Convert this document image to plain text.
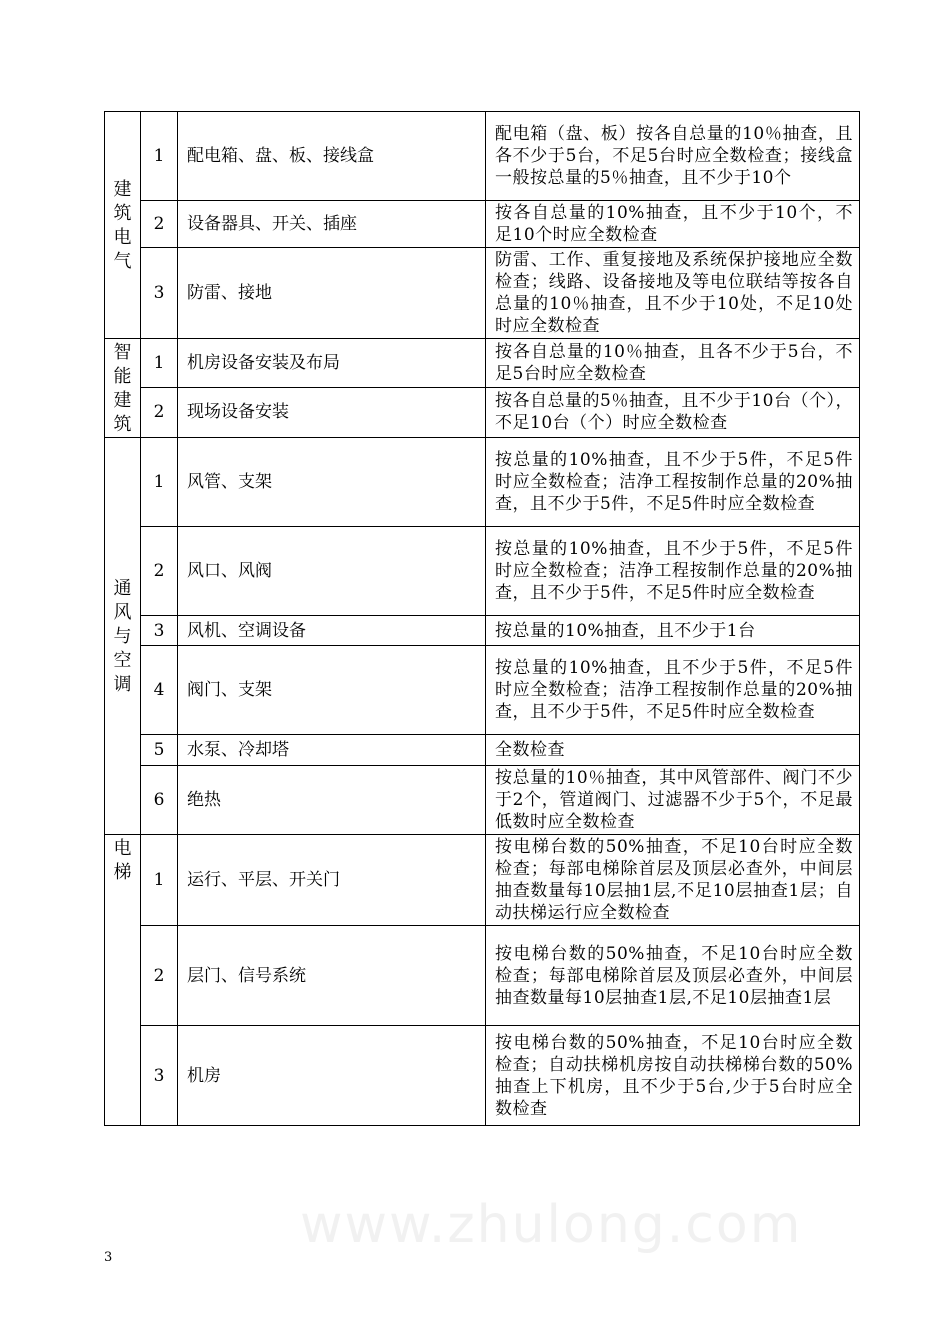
www.zhulong.com
建筑电气	1	配电箱、盘、板、接线盒	配电箱（盘、板）按各自总量的10％抽查，且各不少于5台，不足5台时应全数检查；接线盒一般按总量的5％抽查，且不少于10个
	2	设备器具、开关、插座	按各自总量的10%抽查，且不少于10个，不足10个时应全数检查
	3	防雷、接地	防雷、工作、重复接地及系统保护接地应全数检查；线路、设备接地及等电位联结等按各自总量的10％抽查，且不少于10处，不足10处时应全数检查

智能建筑	1	机房设备安装及布局	按各自总量的10％抽查，且各不少于5台，不足5台时应全数检查
	2	现场设备安装	按各自总量的5％抽查，且不少于10台（个），不足10台（个）时应全数检查

通风与空调	1	风管、支架	按总量的10%抽查，且不少于5件，不足5件时应全数检查；洁净工程按制作总量的20%抽查，且不少于5件，不足5件时应全数检查
	2	风口、风阀	按总量的10%抽查，且不少于5件，不足5件时应全数检查；洁净工程按制作总量的20%抽查，且不少于5件，不足5件时应全数检查
	3	风机、空调设备	按总量的10%抽查，且不少于1台
	4	阀门、支架	按总量的10%抽查，且不少于5件，不足5件时应全数检查；洁净工程按制作总量的20%抽查，且不少于5件，不足5件时应全数检查
	5	水泵、冷却塔	全数检查
	6	绝热	按总量的10％抽查，其中风管部件、阀门不少于2个，管道阀门、过滤器不少于5个，不足最低数时应全数检查

电梯	1	运行、平层、开关门	按电梯台数的50%抽查，不足10台时应全数检查；每部电梯除首层及顶层必查外，中间层抽查数量每10层抽1层,不足10层抽查1层；自动扶梯运行应全数检查
	2	层门、信号系统	按电梯台数的50%抽查，不足10台时应全数检查；每部电梯除首层及顶层必查外，中间层抽查数量每10层抽查1层,不足10层抽查1层
	3	机房	按电梯台数的50%抽查，不足10台时应全数检查；自动扶梯机房按自动扶梯梯台数的50%抽查上下机房，且不少于5台,少于5台时应全数检查
3
